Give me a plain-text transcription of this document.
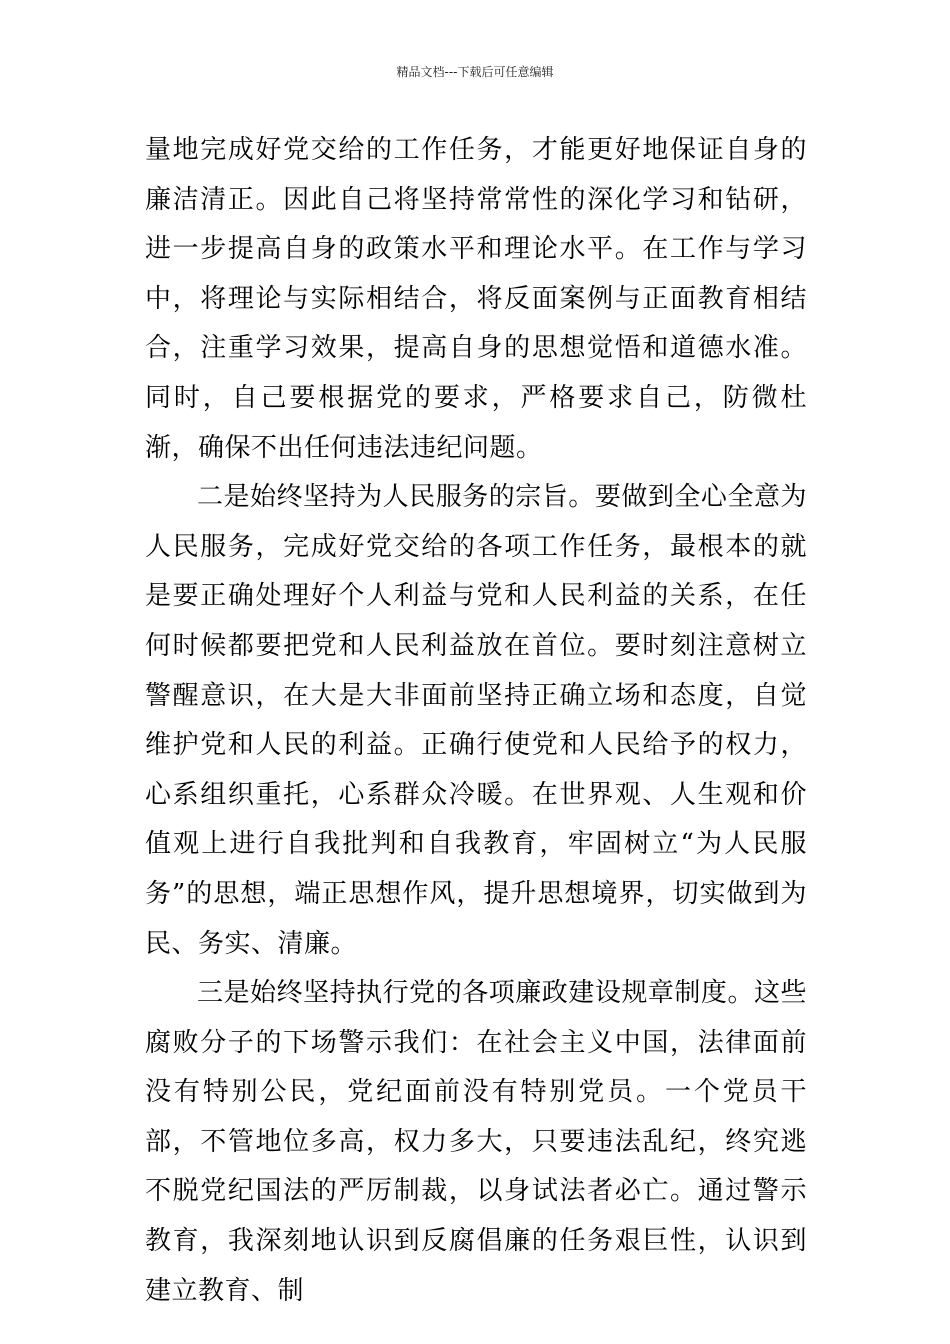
精品文档---下载后可任意编辑

量地完成好党交给的工作任务，才能更好地保证自身的廉洁清正。因此自己将坚持常常性的深化学习和钻研，进一步提高自身的政策水平和理论水平。在工作与学习中，将理论与实际相结合，将反面案例与正面教育相结合，注重学习效果，提高自身的思想觉悟和道德水准。同时，自己要根据党的要求，严格要求自己，防微杜渐，确保不出任何违法违纪问题。

二是始终坚持为人民服务的宗旨。要做到全心全意为人民服务，完成好党交给的各项工作任务，最根本的就是要正确处理好个人利益与党和人民利益的关系，在任何时候都要把党和人民利益放在首位。要时刻注意树立警醒意识，在大是大非面前坚持正确立场和态度，自觉维护党和人民的利益。正确行使党和人民给予的权力，心系组织重托，心系群众冷暖。在世界观、人生观和价值观上进行自我批判和自我教育，牢固树立“为人民服务”的思想，端正思想作风，提升思想境界，切实做到为民、务实、清廉。

三是始终坚持执行党的各项廉政建设规章制度。这些腐败分子的下场警示我们：在社会主义中国，法律面前没有特别公民，党纪面前没有特别党员。一个党员干部，不管地位多高，权力多大，只要违法乱纪，终究逃不脱党纪国法的严厉制裁，以身试法者必亡。通过警示教育，我深刻地认识到反腐倡廉的任务艰巨性，认识到建立教育、制
